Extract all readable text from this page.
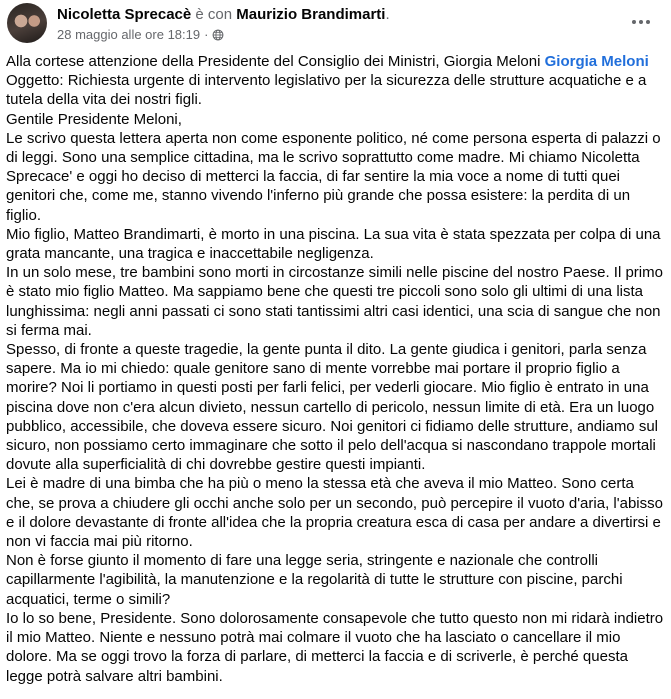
Nicoletta Sprecacè è con Maurizio Brandimarti.
28 maggio alle ore 18:19 ·

Alla cortese attenzione della Presidente del Consiglio dei Ministri, Giorgia Meloni Giorgia Meloni

Oggetto: Richiesta urgente di intervento legislativo per la sicurezza delle strutture acquatiche e a tutela della vita dei nostri figli.

Gentile Presidente Meloni,

Le scrivo questa lettera aperta non come esponente politico, né come persona esperta di palazzi o di leggi. Sono una semplice cittadina, ma le scrivo soprattutto come madre. Mi chiamo Nicoletta Sprecace' e oggi ho deciso di metterci la faccia, di far sentire la mia voce a nome di tutti quei genitori che, come me, stanno vivendo l'inferno più grande che possa esistere: la perdita di un figlio.

Mio figlio, Matteo Brandimarti, è morto in una piscina. La sua vita è stata spezzata per colpa di una grata mancante, una tragica e inaccettabile negligenza.

In un solo mese, tre bambini sono morti in circostanze simili nelle piscine del nostro Paese. Il primo è stato mio figlio Matteo. Ma sappiamo bene che questi tre piccoli sono solo gli ultimi di una lista lunghissima: negli anni passati ci sono stati tantissimi altri casi identici, una scia di sangue che non si ferma mai.

Spesso, di fronte a queste tragedie, la gente punta il dito. La gente giudica i genitori, parla senza sapere. Ma io mi chiedo: quale genitore sano di mente vorrebbe mai portare il proprio figlio a morire? Noi li portiamo in questi posti per farli felici, per vederli giocare. Mio figlio è entrato in una piscina dove non c'era alcun divieto, nessun cartello di pericolo, nessun limite di età. Era un luogo pubblico, accessibile, che doveva essere sicuro. Noi genitori ci fidiamo delle strutture, andiamo sul sicuro, non possiamo certo immaginare che sotto il pelo dell'acqua si nascondano trappole mortali dovute alla superficialità di chi dovrebbe gestire questi impianti.

Lei è madre di una bimba che ha più o meno la stessa età che aveva il mio Matteo. Sono certa che, se prova a chiudere gli occhi anche solo per un secondo, può percepire il vuoto d'aria, l'abisso e il dolore devastante di fronte all'idea che la propria creatura esca di casa per andare a divertirsi e non vi faccia mai più ritorno.

Non è forse giunto il momento di fare una legge seria, stringente e nazionale che controlli capillarmente l'agibilità, la manutenzione e la regolarità di tutte le strutture con piscine, parchi acquatici, terme o simili?

Io lo so bene, Presidente. Sono dolorosamente consapevole che tutto questo non mi ridarà indietro il mio Matteo. Niente e nessuno potrà mai colmare il vuoto che ha lasciato o cancellare il mio dolore. Ma se oggi trovo la forza di parlare, di metterci la faccia e di scriverle, è perché questa legge potrà salvare altri bambini.
